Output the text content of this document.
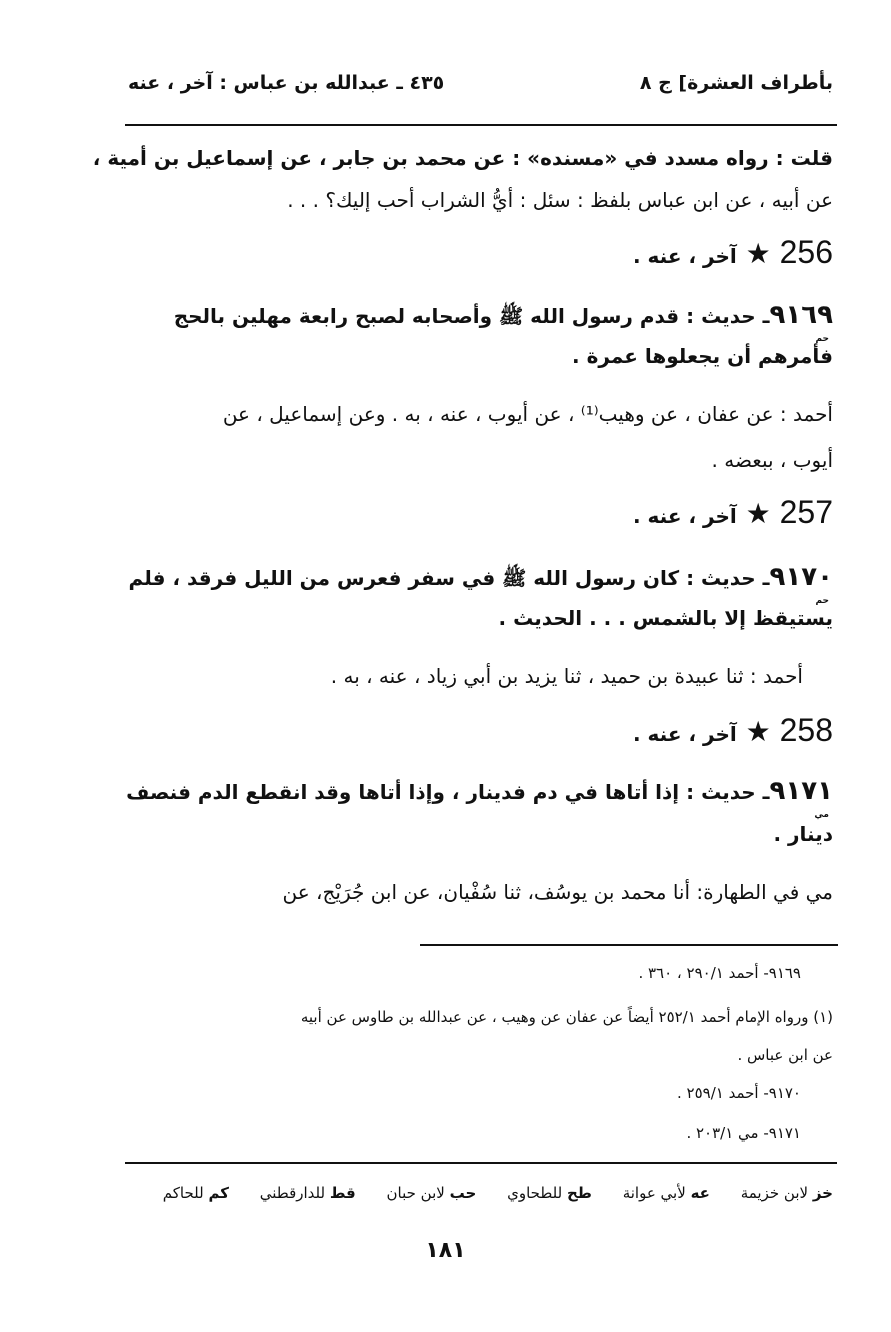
بأطراف العشرة] ج ٨
٤٣٥ ـ عبدالله بن عباس : آخر ، عنه
قلت : رواه مسدد في «مسنده» : عن محمد بن جابر ، عن إسماعيل بن أمية ،
عن أبيه ، عن ابن عباس بلفظ : سئل : أيُّ الشراب أحب إليك؟ . . .
256 ★ آخر ، عنه .
٩١٦٩ـ حديث : قدم رسول الله ﷺ وأصحابه لصبح رابعة مهلين بالحج
حم
فأمرهم أن يجعلوها عمرة .
أحمد : عن عفان ، عن وهيب⁽¹⁾ ، عن أيوب ، عنه ، به . وعن إسماعيل ، عن
أيوب ، ببعضه .
257 ★ آخر ، عنه .
٩١٧٠ـ حديث : كان رسول الله ﷺ في سفر فعرس من الليل فرقد ، فلم
حم
يستيقظ إلا بالشمس . . . الحديث .
أحمد : ثنا عبيدة بن حميد ، ثنا يزيد بن أبي زياد ، عنه ، به .
258 ★ آخر ، عنه .
٩١٧١ـ حديث : إذا أتاها في دم فدينار ، وإذا أتاها وقد انقطع الدم فنصف
مي
دينار .
مي في الطهارة: أنا محمد بن يوسُف، ثنا سُفْيان، عن ابن جُرَيْج، عن
٩١٦٩- أحمد ٢٩٠/١ ، ٣٦٠ .
(١) ورواه الإمام أحمد ٢٥٢/١ أيضاً عن عفان عن وهيب ، عن عبدالله بن طاوس عن أبيه
عن ابن عباس .
٩١٧٠- أحمد ٢٥٩/١ .
٩١٧١- مي ٢٠٣/١ .
خز لابن خزيمة عه لأبي عوانة طح للطحاوي حب لابن حبان قط للدارقطني كم للحاكم
١٨١
